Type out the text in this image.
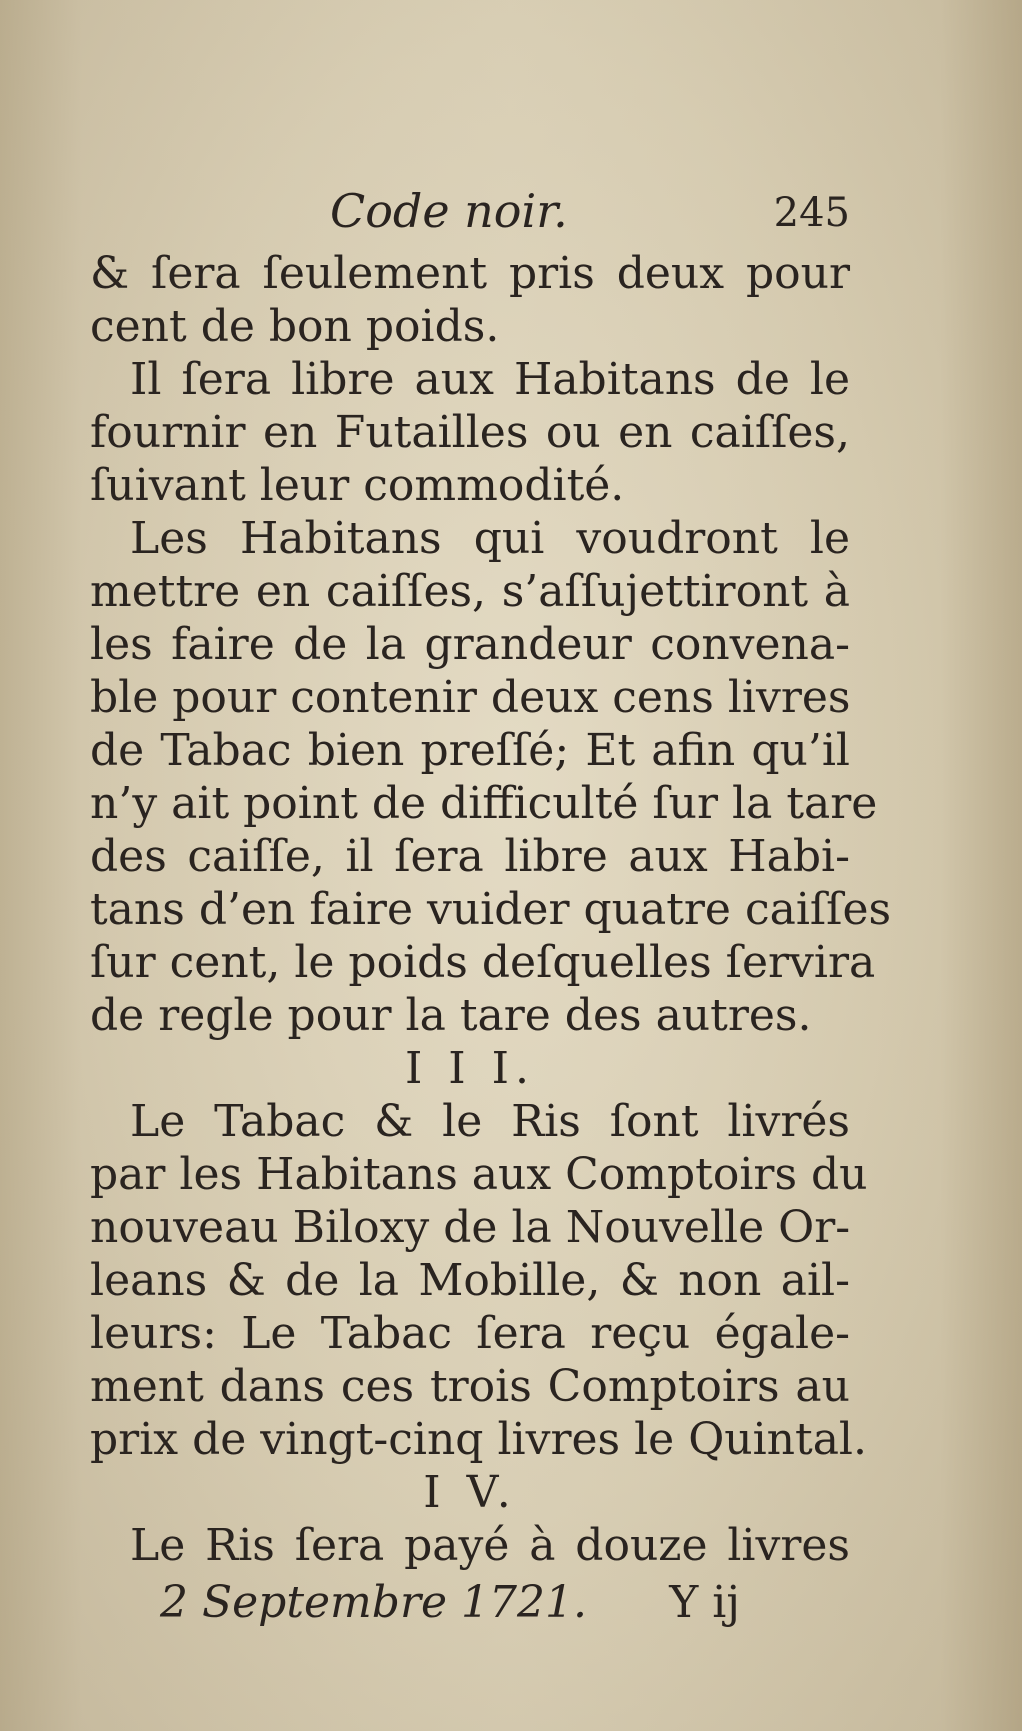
Code noir.	245
& ſera ſeulement pris deux pour
cent de bon poids.
Il ſera libre aux Habitans de le
fournir en Futailles ou en caiſſes,
ſuivant leur commodité.
Les Habitans qui voudront le
mettre en caiſſes, s’aſſujettiront à
les faire de la grandeur convena-
ble pour contenir deux cens livres
de Tabac bien preſſé; Et afin qu’il
n’y ait point de difficulté ſur la tare
des caiſſe, il ſera libre aux Habi-
tans d’en faire vuider quatre caiſſes
ſur cent, le poids deſquelles ſervira
de regle pour la tare des autres.
I I I.
Le Tabac & le Ris ſont livrés
par les Habitans aux Comptoirs du
nouveau Biloxy de la Nouvelle Or-
leans & de la Mobille, & non ail-
leurs: Le Tabac ſera reçu égale-
ment dans ces trois Comptoirs au
prix de vingt-cinq livres le Quintal.
I V.
Le Ris ſera payé à douze livres
2 Septembre 1721. Y ij
